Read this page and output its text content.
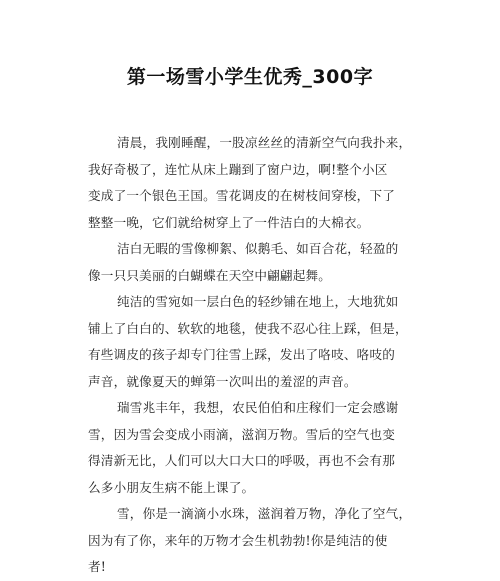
第一场雪小学生优秀_300字
清晨，我刚睡醒，一股凉丝丝的清新空气向我扑来，
我好奇极了，连忙从床上蹦到了窗户边，啊!整个小区
变成了一个银色王国。雪花调皮的在树枝间穿梭，下了
整整一晚，它们就给树穿上了一件洁白的大棉衣。
洁白无暇的雪像柳絮、似鹅毛、如百合花，轻盈的
像一只只美丽的白蝴蝶在天空中翩翩起舞。
纯洁的雪宛如一层白色的轻纱铺在地上，大地犹如
铺上了白白的、软软的地毯，使我不忍心往上踩，但是，
有些调皮的孩子却专门往雪上踩，发出了咯吱、咯吱的
声音，就像夏天的蝉第一次叫出的羞涩的声音。
瑞雪兆丰年，我想，农民伯伯和庄稼们一定会感谢
雪，因为雪会变成小雨滴，滋润万物。雪后的空气也变
得清新无比，人们可以大口大口的呼吸，再也不会有那
么多小朋友生病不能上课了。
雪，你是一滴滴小水珠，滋润着万物，净化了空气，
因为有了你，来年的万物才会生机勃勃!你是纯洁的使
者!
